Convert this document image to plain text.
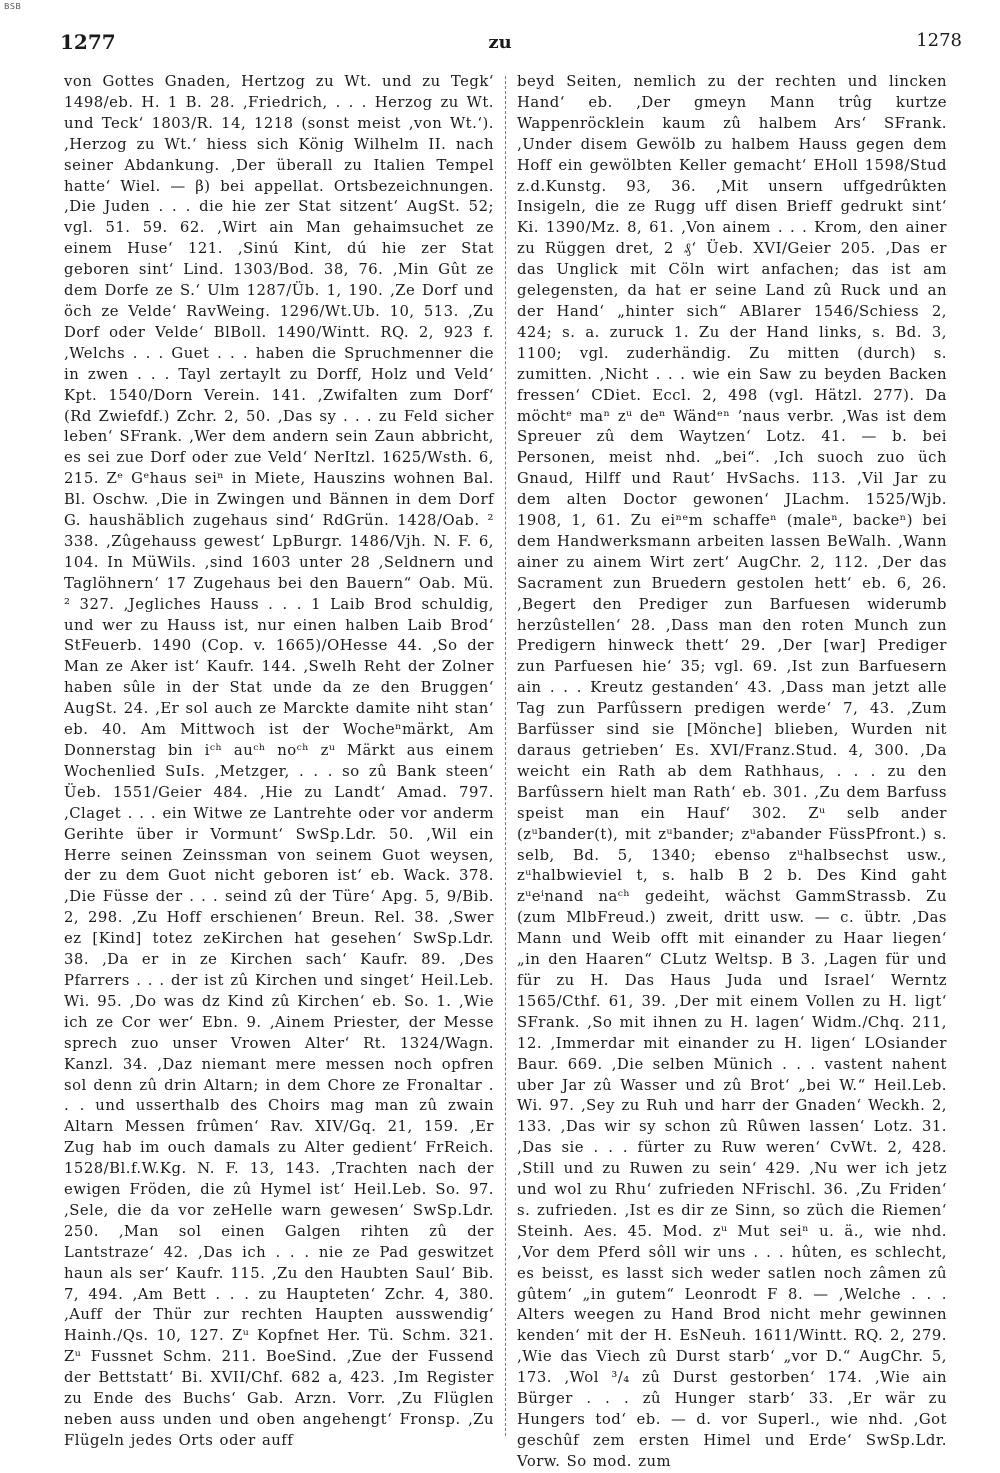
BSB
1277	zu	1278

von Gottes Gnaden, Hertzog zu Wt. und zu Tegk‘ 1498/eb. H. 1 B. 28. ‚Friedrich, . . . Herzog zu Wt. und Teck‘ 1803/R. 14, 1218 (sonst meist ‚von Wt.‘). ‚Herzog zu Wt.‘ hiess sich König Wilhelm II. nach seiner Abdankung. ‚Der überall zu Italien Tempel hatte‘ Wiel. — β) bei appellat. Ortsbezeichnungen. ‚Die Juden . . . die hie zer Stat sitzent‘ AugSt. 52; vgl. 51. 59. 62. ‚Wirt ain Man gehaimsuchet ze einem Huse‘ 121. ‚Sinú Kint, dú hie zer Stat geboren sint‘ Lind. 1303/Bod. 38, 76. ‚Min Gût ze dem Dorfe ze S.‘ Ulm 1287/Üb. 1, 190. ‚Ze Dorf und öch ze Velde‘ RavWeing. 1296/Wt.Ub. 10, 513. ‚Zu Dorf oder Velde‘ BlBoll. 1490/Wintt. RQ. 2, 923 f. ‚Welchs . . . Guet . . . haben die Spruchmenner die in zwen . . . Tayl zertaylt zu Dorff, Holz und Veld‘ Kpt. 1540/Dorn Verein. 141. ‚Zwifalten zum Dorf‘ (Rd Zwiefdf.) Zchr. 2, 50. ‚Das sy . . . zu Feld sicher leben‘ SFrank. ‚Wer dem andern sein Zaun abbricht, es sei zue Dorf oder zue Veld‘ NerItzl. 1625/Wsth. 6, 215. Zᵉ Gᵉhaus seiⁿ in Miete, Hauszins wohnen Bal. Bl. Oschw. ‚Die in Zwingen und Bännen in dem Dorf G. haushäblich zugehaus sind‘ RdGrün. 1428/Oab. ² 338. ‚Zûgehauss gewest‘ LpBurgr. 1486/Vjh. N. F. 6, 104. In MüWils. ‚sind 1603 unter 28 ‚Seldnern und Taglöhnern‘ 17 Zugehaus bei den Bauern“ Oab. Mü. ² 327. ‚Jegliches Hauss . . . 1 Laib Brod schuldig, und wer zu Hauss ist, nur einen halben Laib Brod‘ StFeuerb. 1490 (Cop. v. 1665)/OHesse 44. ‚So der Man ze Aker ist‘ Kaufr. 144. ‚Swelh Reht der Zolner haben sûle in der Stat unde da ze den Bruggen‘ AugSt. 24. ‚Er sol auch ze Marckte damite niht stan‘ eb. 40. Am Mittwoch ist der Wocheⁿmärkt, Am Donnerstag bin iᶜʰ auᶜʰ noᶜʰ zᵘ Märkt aus einem Wochenlied SuIs. ‚Metzger, . . . so zû Bank steen‘ Üeb. 1551/Geier 484. ‚Hie zu Landt‘ Amad. 797. ‚Claget . . . ein Witwe ze Lantrehte oder vor anderm Gerihte über ir Vormunt‘ SwSp.Ldr. 50. ‚Wil ein Herre seinen Zeinssman von seinem Guot weysen, der zu dem Guot nicht geboren ist‘ eb. Wack. 378. ‚Die Füsse der . . . seind zû der Türe‘ Apg. 5, 9/Bib. 2, 298. ‚Zu Hoff erschienen‘ Breun. Rel. 38. ‚Swer ez [Kind] totez zeKirchen hat gesehen‘ SwSp.Ldr. 38. ‚Da er in ze Kirchen sach‘ Kaufr. 89. ‚Des Pfarrers . . . der ist zû Kirchen und singet‘ Heil.Leb. Wi. 95. ‚Do was dz Kind zû Kirchen‘ eb. So. 1. ‚Wie ich ze Cor wer‘ Ebn. 9. ‚Ainem Priester, der Messe sprech zuo unser Vrowen Alter‘ Rt. 1324/Wagn. Kanzl. 34. ‚Daz niemant mere messen noch opfren sol denn zû drin Altarn; in dem Chore ze Fronaltar . . . und usserthalb des Choirs mag man zû zwain Altarn Messen frûmen‘ Rav. XIV/Gq. 21, 159. ‚Er Zug hab im ouch damals zu Alter gedient‘ FrReich. 1528/Bl.f.W.Kg. N. F. 13, 143. ‚Trachten nach der ewigen Fröden, die zû Hymel ist‘ Heil.Leb. So. 97. ‚Sele, die da vor zeHelle warn gewesen‘ SwSp.Ldr. 250. ‚Man sol einen Galgen rihten zû der Lantstraze‘ 42. ‚Das ich . . . nie ze Pad geswitzet haun als ser‘ Kaufr. 115. ‚Zu den Haubten Saul‘ Bib. 7, 494. ‚Am Bett . . . zu Haupteten‘ Zchr. 4, 380. ‚Auff der Thür zur rechten Haupten ausswendig‘ Hainh./Qs. 10, 127. Zᵘ Kopfnet Her. Tü. Schm. 321. Zᵘ Fussnet Schm. 211. BoeSind. ‚Zue der Fussend der Bettstatt‘ Bi. XVII/Chf. 682 a, 423. ‚Im Register zu Ende des Buchs‘ Gab. Arzn. Vorr. ‚Zu Flüglen neben auss unden und oben angehengt‘ Fronsp. ‚Zu Flügeln jedes Orts oder auff

beyd Seiten, nemlich zu der rechten und lincken Hand‘ eb. ‚Der gmeyn Mann trûg kurtze Wappenröcklein kaum zû halbem Ars‘ SFrank. ‚Under disem Gewölb zu halbem Hauss gegen dem Hoff ein gewölbten Keller gemacht‘ EHoll 1598/Stud z.d.Kunstg. 93, 36. ‚Mit unsern uffgedrûkten Insigeln, die ze Rugg uff disen Brieff gedrukt sint‘ Ki. 1390/Mz. 8, 61. ‚Von ainem . . . Krom, den ainer zu Rüggen dret, 2 ₰‘ Üeb. XVI/Geier 205. ‚Das er das Unglick mit Cöln wirt anfachen; das ist am gelegensten, da hat er seine Land zû Ruck und an der Hand‘ „hinter sich“ ABlarer 1546/Schiess 2, 424; s. a. zuruck 1. Zu der Hand links, s. Bd. 3, 1100; vgl. zuderhändig. Zu mitten (durch) s. zumitten. ‚Nicht . . . wie ein Saw zu beyden Backen fressen‘ CDiet. Eccl. 2, 498 (vgl. Hätzl. 277). Da möchtᵉ maⁿ zᵘ deⁿ Wändᵉⁿ ’naus verbr. ‚Was ist dem Spreuer zû dem Waytzen‘ Lotz. 41. — b. bei Personen, meist nhd. „bei“. ‚Ich suoch zuo üch Gnaud, Hilff und Raut‘ HvSachs. 113. ‚Vil Jar zu dem alten Doctor gewonen‘ JLachm. 1525/Wjb. 1908, 1, 61. Zu eiⁿᵉm schaffeⁿ (maleⁿ, backeⁿ) bei dem Handwerksmann arbeiten lassen BeWalh. ‚Wann ainer zu ainem Wirt zert‘ AugChr. 2, 112. ‚Der das Sacrament zun Bruedern gestolen hett‘ eb. 6, 26. ‚Begert den Prediger zun Barfuesen widerumb herzûstellen‘ 28. ‚Dass man den roten Munch zun Predigern hinweck thett‘ 29. ‚Der [war] Prediger zun Parfuesen hie‘ 35; vgl. 69. ‚Ist zun Barfuesern ain . . . Kreutz gestanden‘ 43. ‚Dass man jetzt alle Tag zun Parfûssern predigen werde‘ 7, 43. ‚Zum Barfüsser sind sie [Mönche] blieben, Wurden nit daraus getrieben‘ Es. XVI/Franz.Stud. 4, 300. ‚Da weicht ein Rath ab dem Rathhaus, . . . zu den Barfûssern hielt man Rath‘ eb. 301. ‚Zu dem Barfuss speist man ein Hauf‘ 302. Zᵘ selb ander (zᵘbander(t), mit zᵘbander; zᵘabander FüssPfront.) s. selb, Bd. 5, 1340; ebenso zᵘhalbsechst usw., zᵘhalbwieviel t, s. halb B 2 b. Des Kind gaht zᵘeⁱnand naᶜʰ gedeiht, wächst GammStrassb. Zu (zum MlbFreud.) zweit, dritt usw. — c. übtr. ‚Das Mann und Weib offt mit einander zu Haar liegen‘ „in den Haaren“ CLutz Weltsp. B 3. ‚Lagen für und für zu H. Das Haus Juda und Israel‘ Werntz 1565/Cthf. 61, 39. ‚Der mit einem Vollen zu H. ligt‘ SFrank. ‚So mit ihnen zu H. lagen‘ Widm./Chq. 211, 12. ‚Immerdar mit einander zu H. ligen‘ LOsiander Baur. 669. ‚Die selben Münich . . . vastent nahent uber Jar zû Wasser und zû Brot‘ „bei W.“ Heil.Leb. Wi. 97. ‚Sey zu Ruh und harr der Gnaden‘ Weckh. 2, 133. ‚Das wir sy schon zû Rûwen lassen‘ Lotz. 31. ‚Das sie . . . fürter zu Ruw weren‘ CvWt. 2, 428. ‚Still und zu Ruwen zu sein‘ 429. ‚Nu wer ich jetz und wol zu Rhu‘ zufrieden NFrischl. 36. ‚Zu Friden‘ s. zufrieden. ‚Ist es dir ze Sinn, so züch die Riemen‘ Steinh. Aes. 45. Mod. zᵘ Mut seiⁿ u. ä., wie nhd. ‚Vor dem Pferd sôll wir uns . . . hûten, es schlecht, es beisst, es lasst sich weder satlen noch zâmen zû gûtem‘ „in gutem“ Leonrodt F 8. — ‚Welche . . . Alters weegen zu Hand Brod nicht mehr gewinnen kenden‘ mit der H. EsNeuh. 1611/Wintt. RQ. 2, 279. ‚Wie das Viech zû Durst starb‘ „vor D.“ AugChr. 5, 173. ‚Wol ³/₄ zû Durst gestorben‘ 174. ‚Wie ain Bürger . . . zû Hunger starb‘ 33. ‚Er wär zu Hungers tod‘ eb. — d. vor Superl., wie nhd. ‚Got geschûf zem ersten Himel und Erde‘ SwSp.Ldr. Vorw. So mod. zum
